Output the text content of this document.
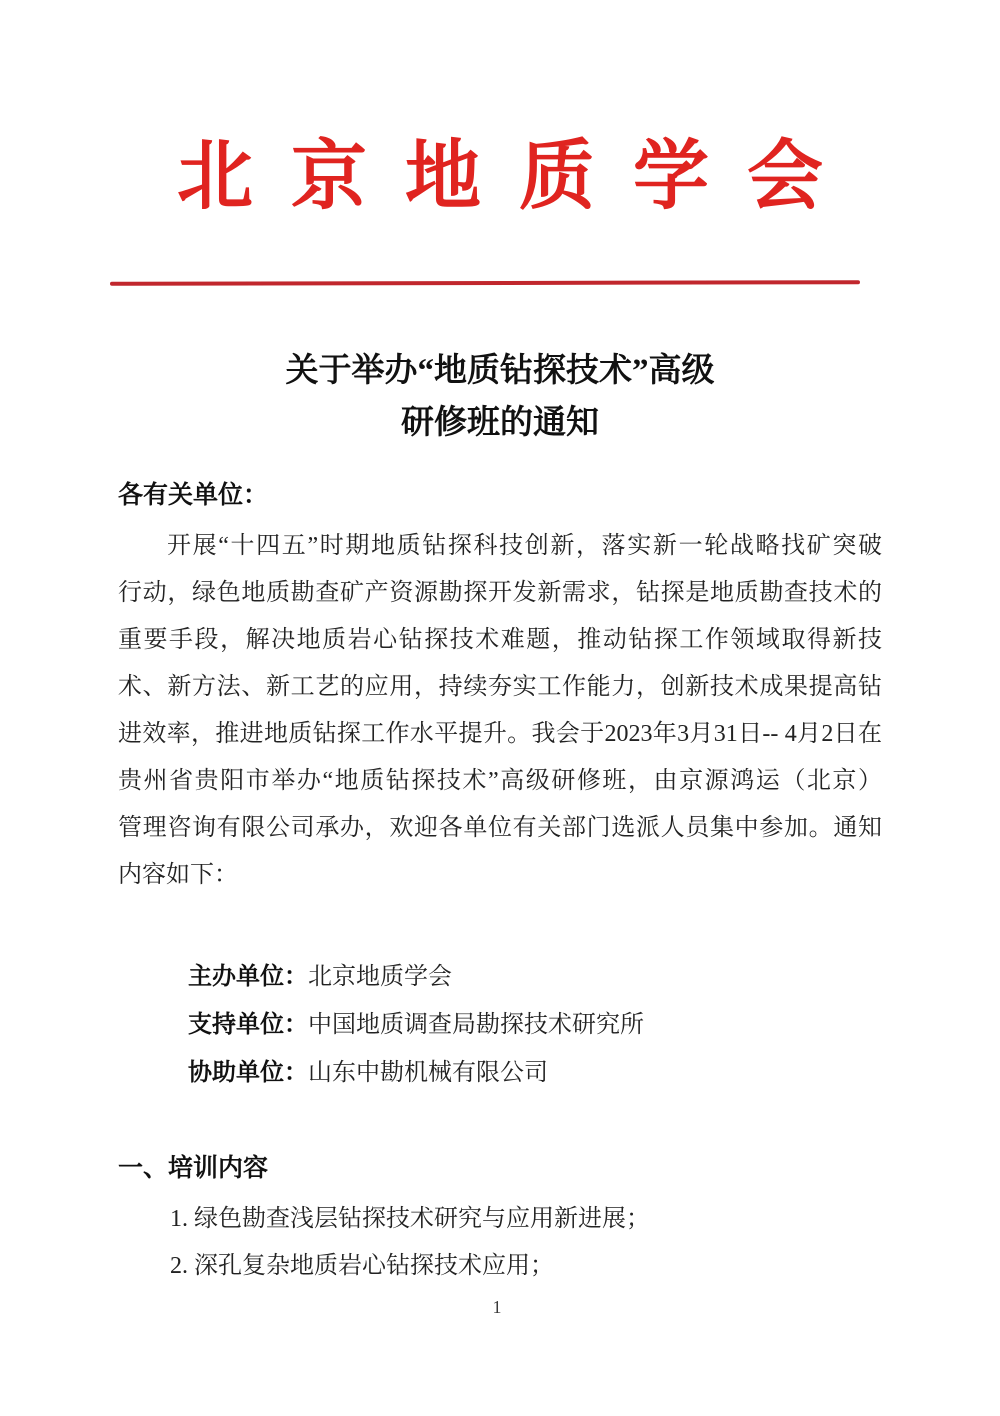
北京地质学会
关于举办“地质钻探技术”高级
研修班的通知
各有关单位：
开展“十四五”时期地质钻探科技创新，落实新一轮战略找矿突破
行动，绿色地质勘查矿产资源勘探开发新需求，钻探是地质勘查技术的
重要手段，解决地质岩心钻探技术难题，推动钻探工作领域取得新技
术、新方法、新工艺的应用，持续夯实工作能力，创新技术成果提高钻
进效率，推进地质钻探工作水平提升。我会于2023年3月31日-- 4月2日在
贵州省贵阳市举办“地质钻探技术”高级研修班，由京源鸿运（北京）
管理咨询有限公司承办，欢迎各单位有关部门选派人员集中参加。通知
内容如下：
主办单位：北京地质学会
支持单位：中国地质调查局勘探技术研究所
协助单位：山东中勘机械有限公司
一、培训内容
1. 绿色勘查浅层钻探技术研究与应用新进展；
2. 深孔复杂地质岩心钻探技术应用；
1
